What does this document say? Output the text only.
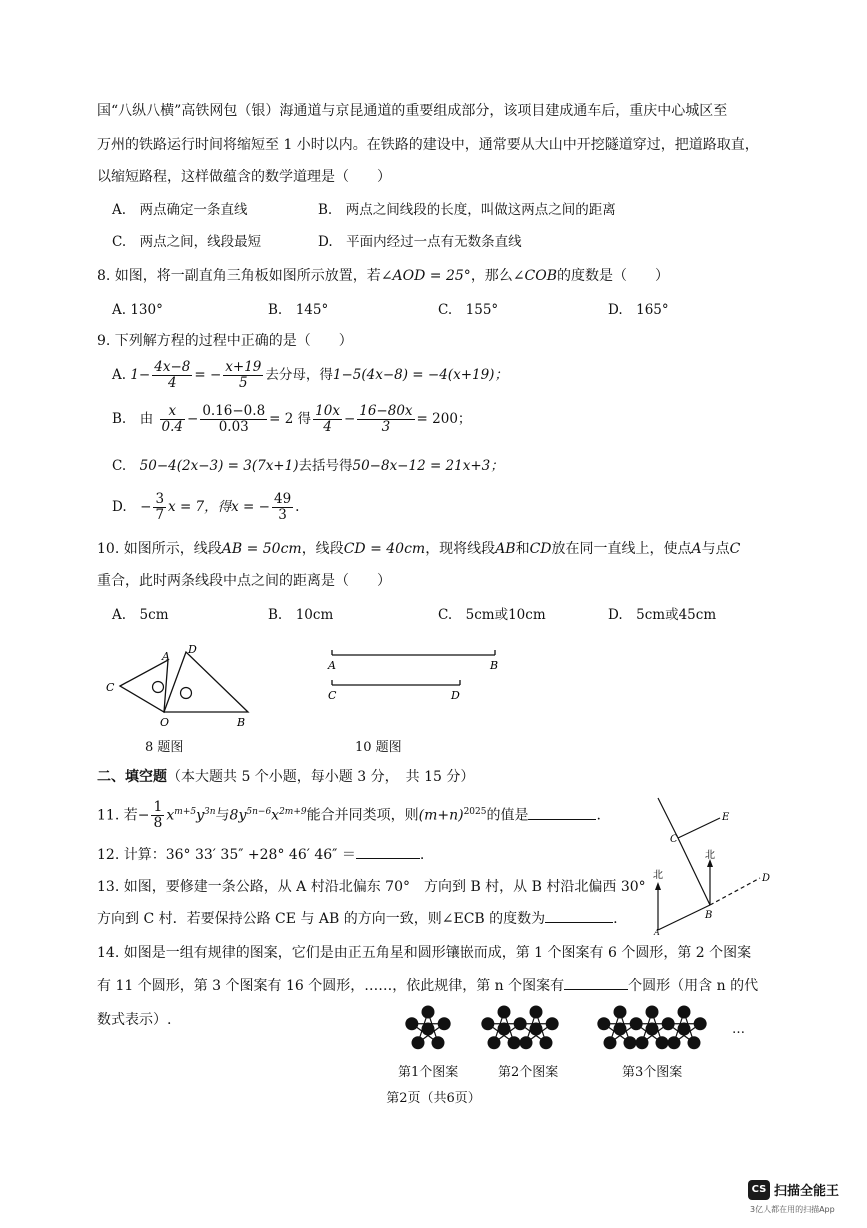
国“八纵八横”高铁网包（银）海通道与京昆通道的重要组成部分，该项目建成通车后，重庆中心城区至
万州的铁路运行时间将缩短至 1 小时以内。在铁路的建设中，通常要从大山中开挖隧道穿过，把道路取直，
以缩短路程，这样做蕴含的数学道理是（　　）
A.　两点确定一条直线	B.　两点之间线段的长度，叫做这两点之间的距离
C.　两点之间，线段最短	D.　平面内经过一点有无数条直线
8. 如图，将一副直角三角板如图所示放置，若∠AOD = 25°，那么∠COB的度数是（　　）
A. 130°	B.　145°	C.　155°	D.　165°
9. 下列解方程的过程中正确的是（　　）
A. $1- \frac{4x-8}{4}$ = − $\frac{x+19}{5}$ 去分母，得1−5(4x−8) = −4(x+19)；
B.　由 $\frac{x}{0.4} - \frac{0.16-0.8}{0.03} = 2$ 得 $\frac{10x}{4} - \frac{16-80x}{3} = 200$；
C.　 50−4(2x−3) = 3(7x+1)去括号得50−8x−12 = 21x+3；
D.　 − $\frac{3}{7}$ x = 7，得x = − $\frac{49}{3}$ .
10. 如图所示，线段AB = 50cm，线段CD = 40cm，现将线段AB和CD放在同一直线上，使点A与点C
重合，此时两条线段中点之间的距离是（　　）
A.　5cm	B.　10cm	C.　5cm或10cm	D.　5cm或45cm
A
D
C
O	B
8 题图
A	B
C	D
10 题图
二、填空题（本大题共 5 个小题，每小题 3 分，　共 15 分）
11. 若− $\frac{1}{8} x^{m+5}y^{3n}$与$8y^{5n-6}x^{2m+9}$能合并同类项，则$(m+n)^{2025}$的值是	.
12. 计算：36° 33′ 35″ +28° 46′ 46″ ＝	.
13. 如图，要修建一条公路，从 A 村沿北偏东 70°　方向到 B 村，从 B 村沿北偏西 30°
方向到 C 村．若要保持公路 CE 与 AB 的方向一致，则∠ECB 的度数为	.
C
E
北
北
D
B
A
14. 如图是一组有规律的图案，它们是由正五角星和圆形镶嵌而成，第 1 个图案有 6 个圆形，第 2 个图案
有 11 个圆形，第 3 个图案有 16 个圆形，……，依此规律，第 n 个图案有	个圆形（用含 n 的代
数式表示）.
第1个图案	第2个图案	第3个图案
…
第2页（共6页）
CS 扫描全能王
3亿人都在用的扫描App
